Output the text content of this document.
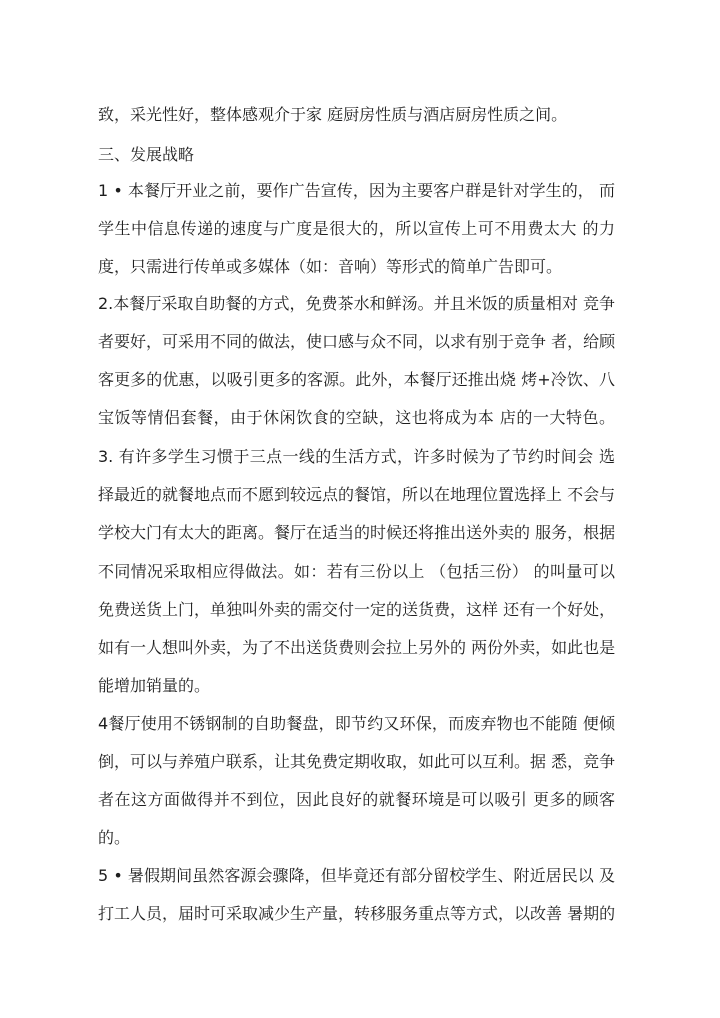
致，采光性好，整体感观介于家 庭厨房性质与酒店厨房性质之间。
三、发展战略
1 • 本餐厅开业之前，要作广告宣传，因为主要客户群是针对学生的， 而
学生中信息传递的速度与广度是很大的，所以宣传上可不用费太大 的力
度，只需进行传单或多媒体（如：音响）等形式的简单广告即可。
2.本餐厅采取自助餐的方式，免费茶水和鲜汤。并且米饭的质量相对 竞争
者要好，可采用不同的做法，使口感与众不同，以求有别于竞争 者，给顾
客更多的优惠，以吸引更多的客源。此外，本餐厅还推出烧 烤+冷饮、八
宝饭等情侣套餐，由于休闲饮食的空缺，这也将成为本 店的一大特色。
3. 有许多学生习惯于三点一线的生活方式，许多时候为了节约时间会 选
择最近的就餐地点而不愿到较远点的餐馆，所以在地理位置选择上 不会与
学校大门有太大的距离。餐厅在适当的时候还将推出送外卖的 服务，根据
不同情况采取相应得做法。如：若有三份以上 （包括三份） 的叫量可以
免费送货上门，单独叫外卖的需交付一定的送货费，这样 还有一个好处，
如有一人想叫外卖，为了不出送货费则会拉上另外的 两份外卖，如此也是
能增加销量的。
4餐厅使用不锈钢制的自助餐盘，即节约又环保，而废弃物也不能随 便倾
倒，可以与养殖户联系，让其免费定期收取，如此可以互利。据 悉，竞争
者在这方面做得并不到位，因此良好的就餐环境是可以吸引 更多的顾客
的。
5 • 暑假期间虽然客源会骤降，但毕竟还有部分留校学生、附近居民以 及
打工人员，届时可采取减少生产量，转移服务重点等方式，以改善 暑期的
